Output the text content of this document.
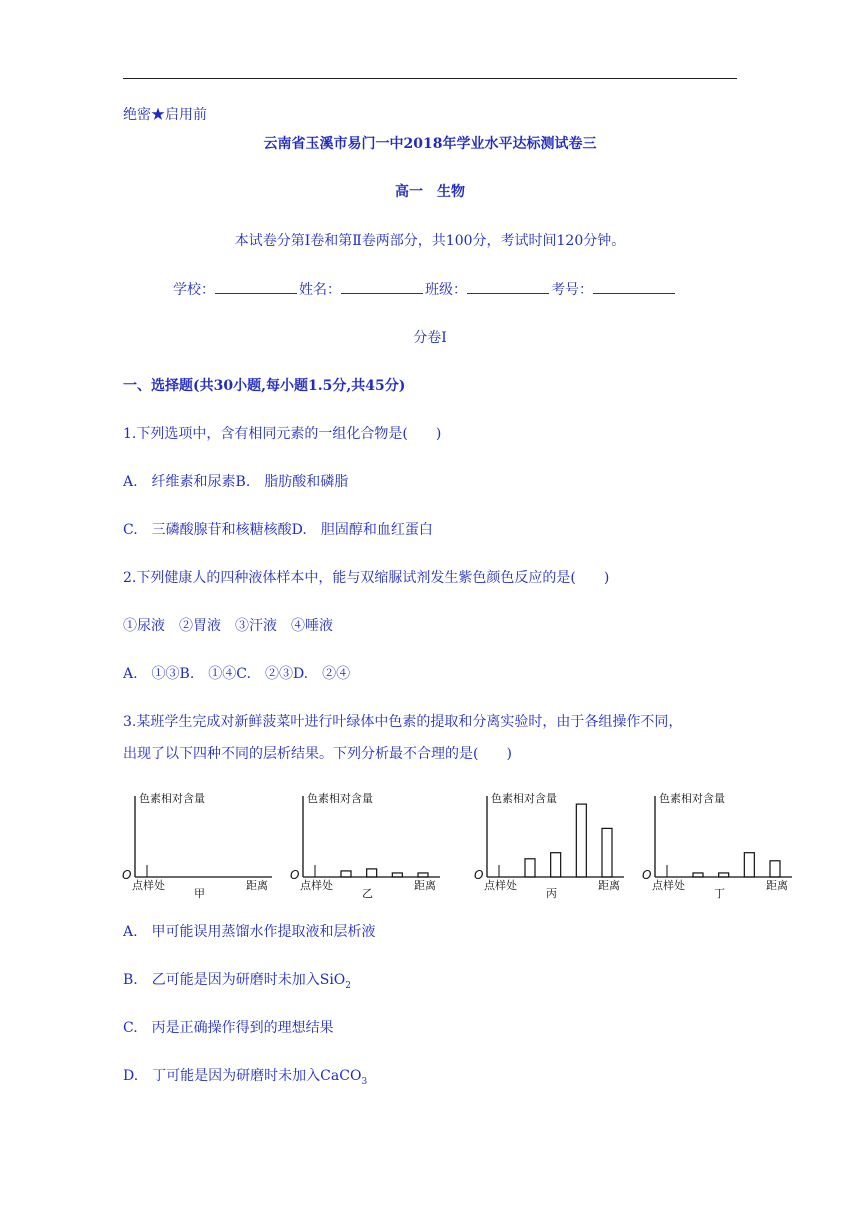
绝密★启用前
云南省玉溪市易门一中2018年学业水平达标测试卷三
高一　生物
本试卷分第Ⅰ卷和第Ⅱ卷两部分，共100分，考试时间120分钟。
学校：	姓名：	班级：	考号：
分卷I
一、选择题(共30小题,每小题1.5分,共45分)
1.下列选项中，含有相同元素的一组化合物是(　　)
A.　纤维素和尿素B.　脂肪酸和磷脂
C.　三磷酸腺苷和核糖核酸D.　胆固醇和血红蛋白
2.下列健康人的四种液体样本中，能与双缩脲试剂发生紫色颜色反应的是(　　)
①尿液　②胃液　③汗液　④唾液
A.　①③B.　①④C.　②③D.　②④
3.某班学生完成对新鲜菠菜叶进行叶绿体中色素的提取和分离实验时，由于各组操作不同，
出现了以下四种不同的层析结果。下列分析最不合理的是(　　)
色素相对含量
O
点样处	距离
甲
色素相对含量
O
点样处	距离
乙
色素相对含量
O
点样处	距离
丙
色素相对含量
O
点样处	距离
丁
A.　甲可能误用蒸馏水作提取液和层析液
B.　乙可能是因为研磨时未加入SiO$_2$
C.　丙是正确操作得到的理想结果
D.　丁可能是因为研磨时未加入CaCO$_3$
